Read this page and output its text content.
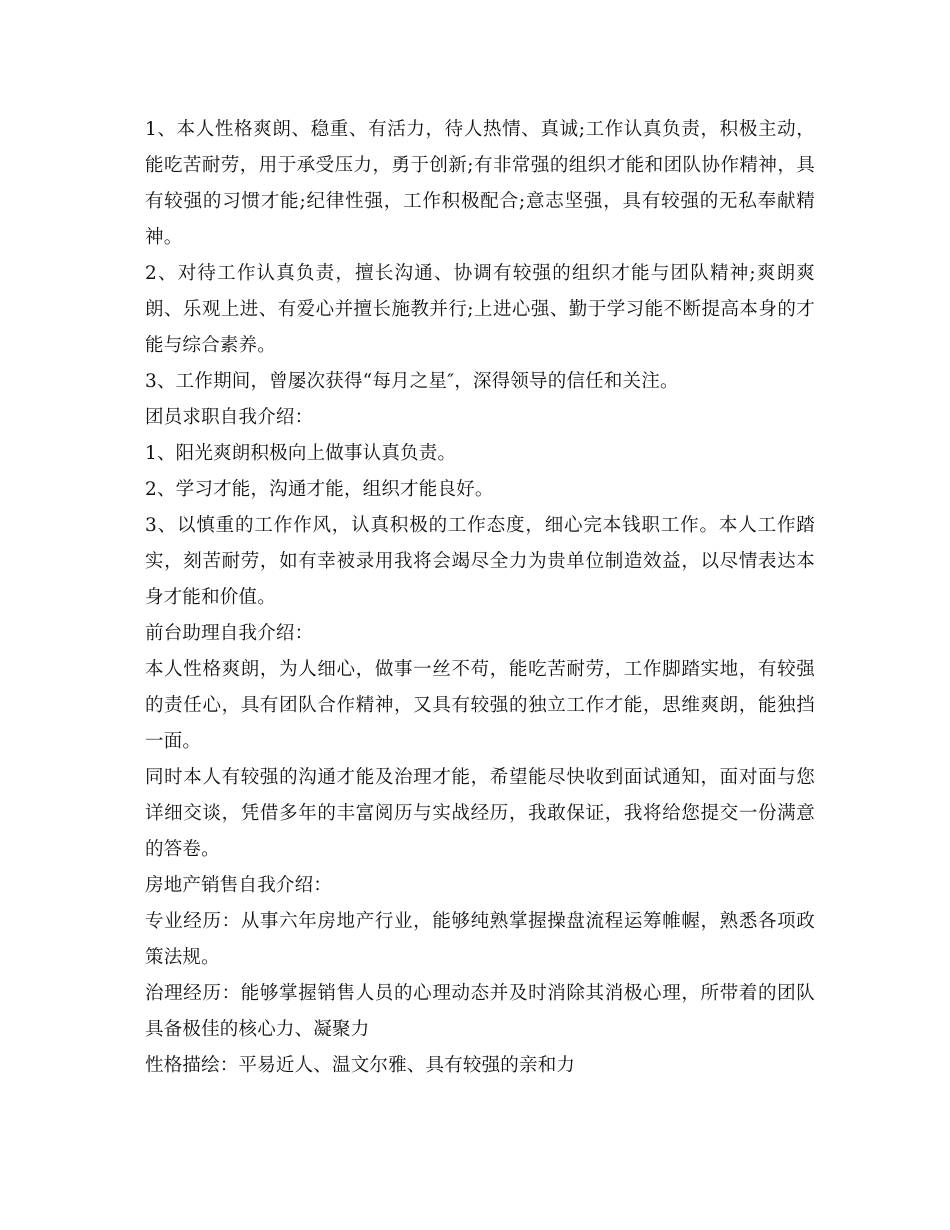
1、本人性格爽朗、稳重、有活力，待人热情、真诚;工作认真负责，积极主动，能吃苦耐劳，用于承受压力，勇于创新;有非常强的组织才能和团队协作精神，具有较强的习惯才能;纪律性强，工作积极配合;意志坚强，具有较强的无私奉献精神。

2、对待工作认真负责，擅长沟通、协调有较强的组织才能与团队精神;爽朗爽朗、乐观上进、有爱心并擅长施教并行;上进心强、勤于学习能不断提高本身的才能与综合素养。

3、工作期间，曾屡次获得“每月之星″，深得领导的信任和关注。

团员求职自我介绍：

1、阳光爽朗积极向上做事认真负责。

2、学习才能，沟通才能，组织才能良好。

3、以慎重的工作作风，认真积极的工作态度，细心完本钱职工作。本人工作踏实，刻苦耐劳，如有幸被录用我将会竭尽全力为贵单位制造效益，以尽情表达本身才能和价值。

前台助理自我介绍：

本人性格爽朗，为人细心，做事一丝不苟，能吃苦耐劳，工作脚踏实地，有较强的责任心，具有团队合作精神，又具有较强的独立工作才能，思维爽朗，能独挡一面。

同时本人有较强的沟通才能及治理才能，希望能尽快收到面试通知，面对面与您详细交谈，凭借多年的丰富阅历与实战经历，我敢保证，我将给您提交一份满意的答卷。

房地产销售自我介绍：

专业经历：从事六年房地产行业，能够纯熟掌握操盘流程运筹帷幄，熟悉各项政策法规。

治理经历：能够掌握销售人员的心理动态并及时消除其消极心理，所带着的团队具备极佳的核心力、凝聚力

性格描绘：平易近人、温文尔雅、具有较强的亲和力
